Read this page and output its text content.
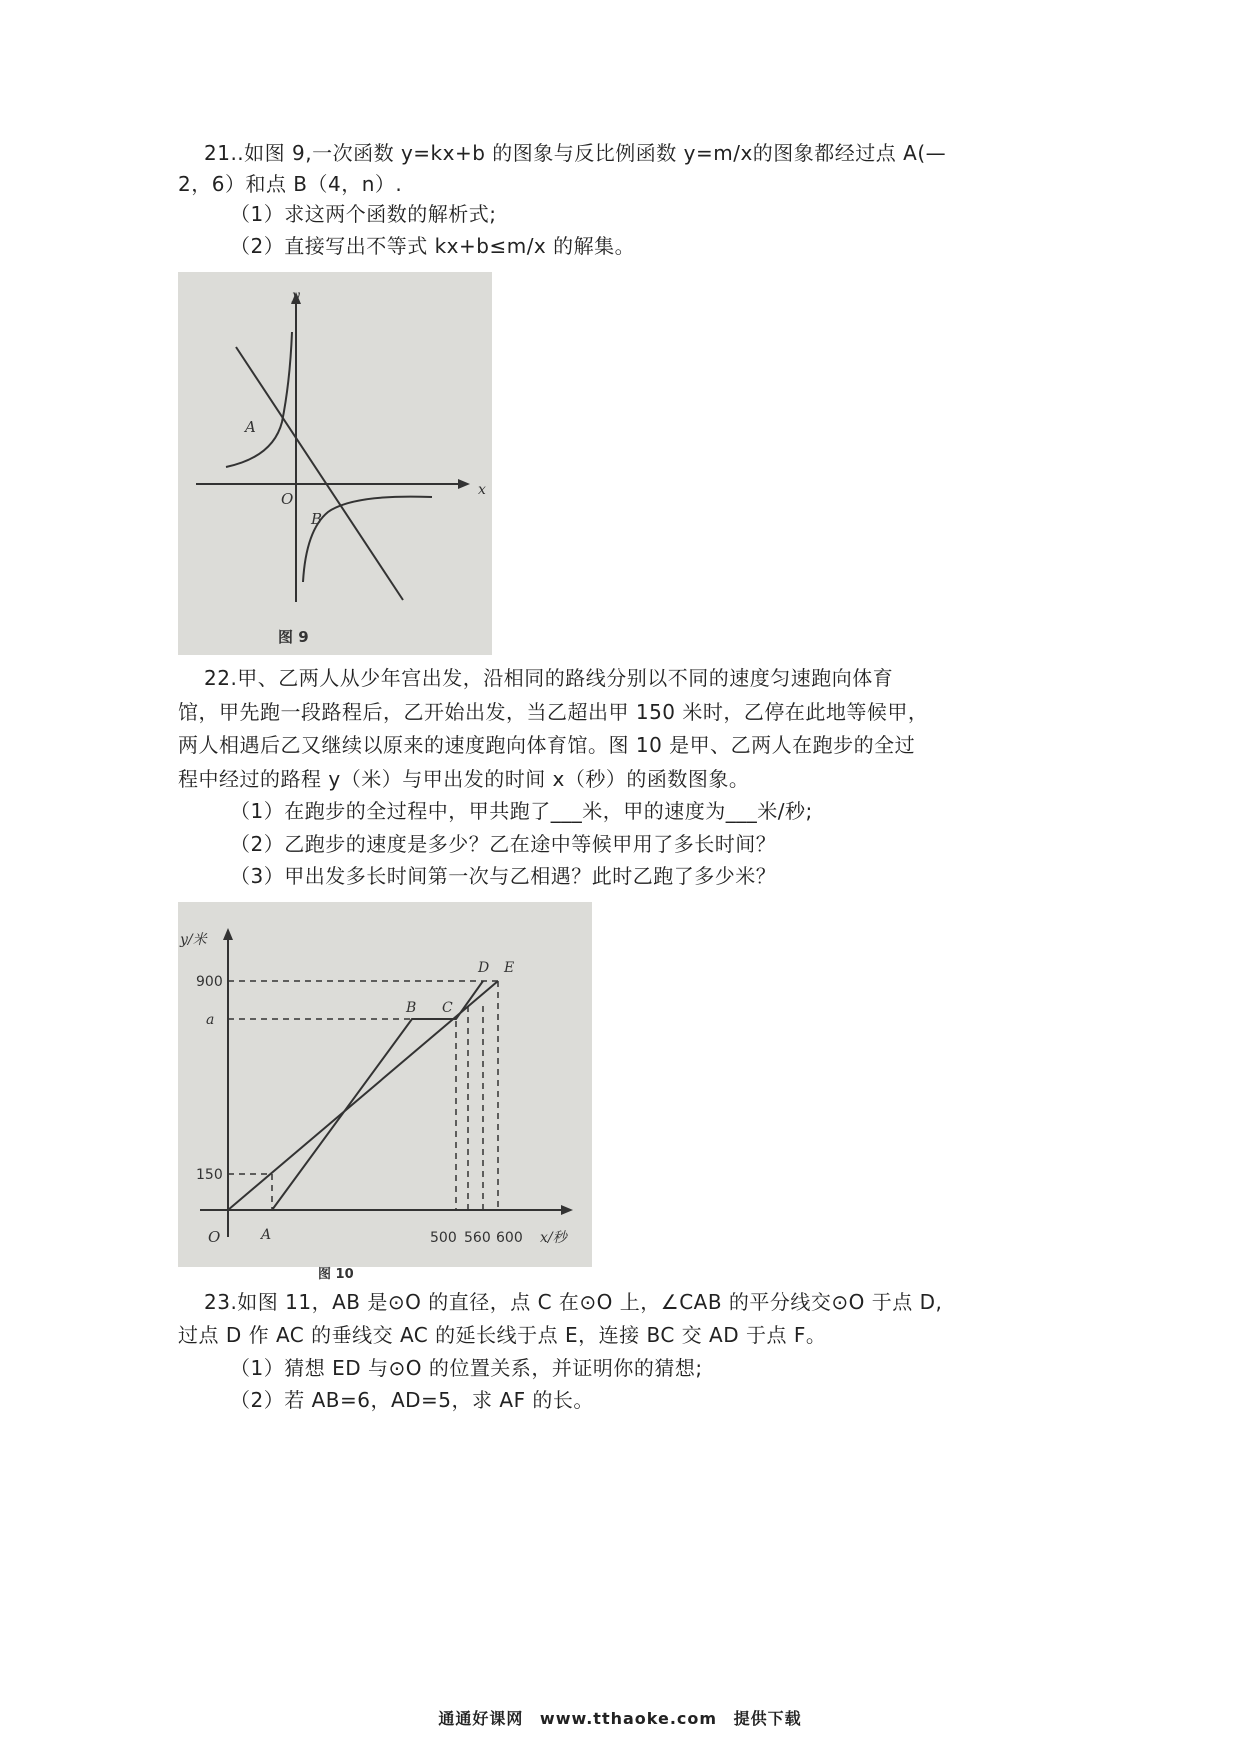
21..如图 9,一次函数 y=kx+b 的图象与反比例函数 y=m/x的图象都经过点 A(—
2，6）和点 B（4，n）.
（1）求这两个函数的解析式;
（2）直接写出不等式 kx+b≤m/x 的解集。
y
x
O
A
B
图 9
22.甲、乙两人从少年宫出发，沿相同的路线分别以不同的速度匀速跑向体育
馆，甲先跑一段路程后，乙开始出发，当乙超出甲 150 米时，乙停在此地等候甲，
两人相遇后乙又继续以原来的速度跑向体育馆。图 10 是甲、乙两人在跑步的全过
程中经过的路程 y（米）与甲出发的时间 x（秒）的函数图象。
（1）在跑步的全过程中，甲共跑了___米，甲的速度为___米/秒;
（2）乙跑步的速度是多少？乙在途中等候甲用了多长时间？
（3）甲出发多长时间第一次与乙相遇？此时乙跑了多少米？
y/米
x/秒
900
a
150
500 560 600
O	A
B C
D E
图 10
23.如图 11，AB 是⊙O 的直径，点 C 在⊙O 上，∠CAB 的平分线交⊙O 于点 D,
过点 D 作 AC 的垂线交 AC 的延长线于点 E，连接 BC 交 AD 于点 F。
（1）猜想 ED 与⊙O 的位置关系，并证明你的猜想;
（2）若 AB=6，AD=5，求 AF 的长。
通通好课网 www.tthaoke.com 提供下载
